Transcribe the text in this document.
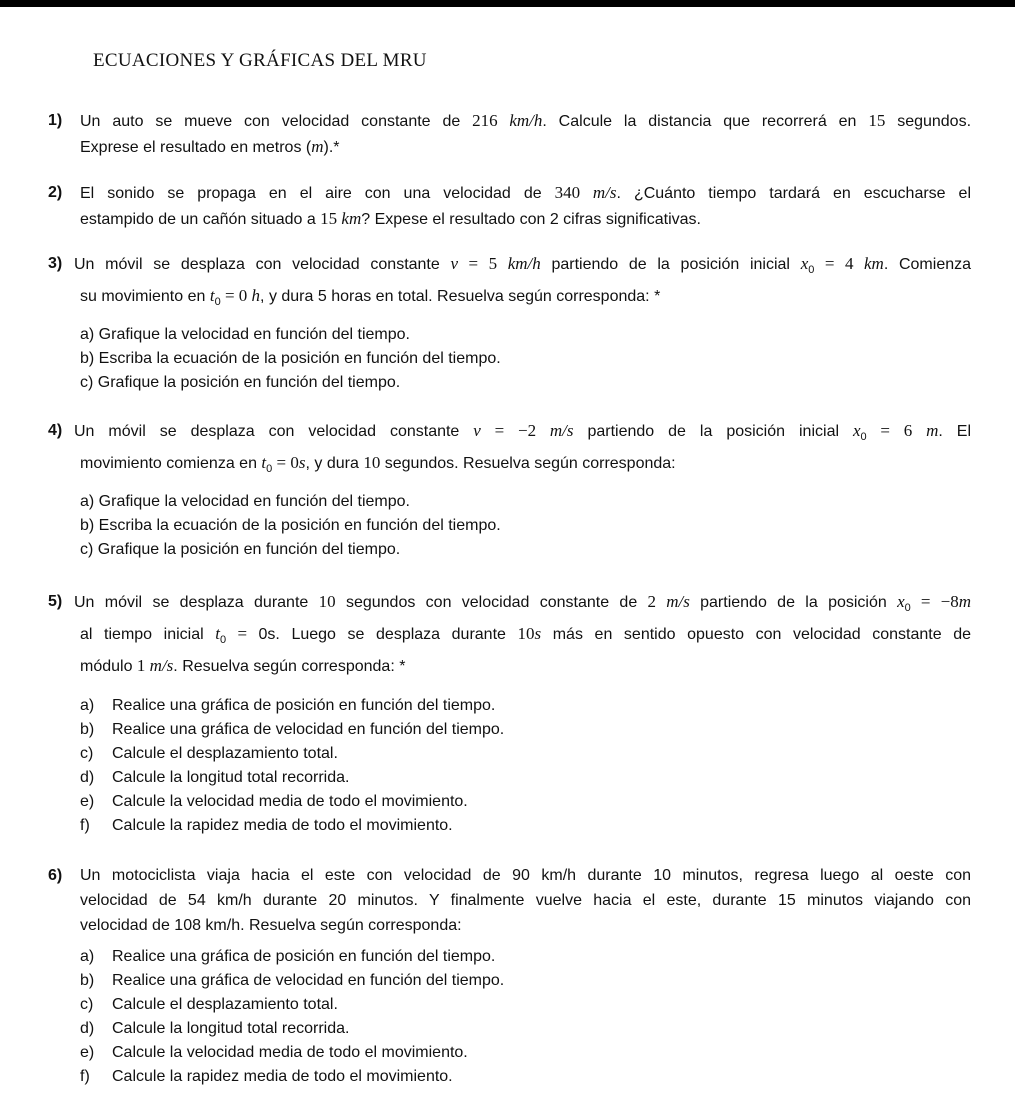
ECUACIONES Y GRÁFICAS DEL MRU
1) Un auto se mueve con velocidad constante de 216 km/h. Calcule la distancia que recorrerá en 15 segundos.
Exprese el resultado en metros (m).*
2) El sonido se propaga en el aire con una velocidad de 340 m/s. ¿Cuánto tiempo tardará en escucharse el
estampido de un cañón situado a 15 km? Expese el resultado con 2 cifras significativas.
3) Un móvil se desplaza con velocidad constante v = 5 km/h partiendo de la posición inicial $x_0 = 4$ km. Comienza
su movimiento en $t_0 = 0$ h, y dura 5 horas en total. Resuelva según corresponda: *
a) Grafique la velocidad en función del tiempo.
b) Escriba la ecuación de la posición en función del tiempo.
c) Grafique la posición en función del tiempo.
4) Un móvil se desplaza con velocidad constante v = −2 m/s partiendo de la posición inicial $x_0 = 6$ m. El
movimiento comienza en $t_0 = 0s$, y dura 10 segundos. Resuelva según corresponda:
a) Grafique la velocidad en función del tiempo.
b) Escriba la ecuación de la posición en función del tiempo.
c) Grafique la posición en función del tiempo.
5) Un móvil se desplaza durante 10 segundos con velocidad constante de 2 m/s partiendo de la posición $x_0 = -8m$
al tiempo inicial $t_0 = 0s$. Luego se desplaza durante 10s más en sentido opuesto con velocidad constante de
módulo 1 m/s. Resuelva según corresponda: *
a) Realice una gráfica de posición en función del tiempo.
b) Realice una gráfica de velocidad en función del tiempo.
c) Calcule el desplazamiento total.
d) Calcule la longitud total recorrida.
e) Calcule la velocidad media de todo el movimiento.
f) Calcule la rapidez media de todo el movimiento.
6) Un motociclista viaja hacia el este con velocidad de 90 km/h durante 10 minutos, regresa luego al oeste con
velocidad de 54 km/h durante 20 minutos. Y finalmente vuelve hacia el este, durante 15 minutos viajando con
velocidad de 108 km/h. Resuelva según corresponda:
a) Realice una gráfica de posición en función del tiempo.
b) Realice una gráfica de velocidad en función del tiempo.
c) Calcule el desplazamiento total.
d) Calcule la longitud total recorrida.
e) Calcule la velocidad media de todo el movimiento.
f) Calcule la rapidez media de todo el movimiento.
